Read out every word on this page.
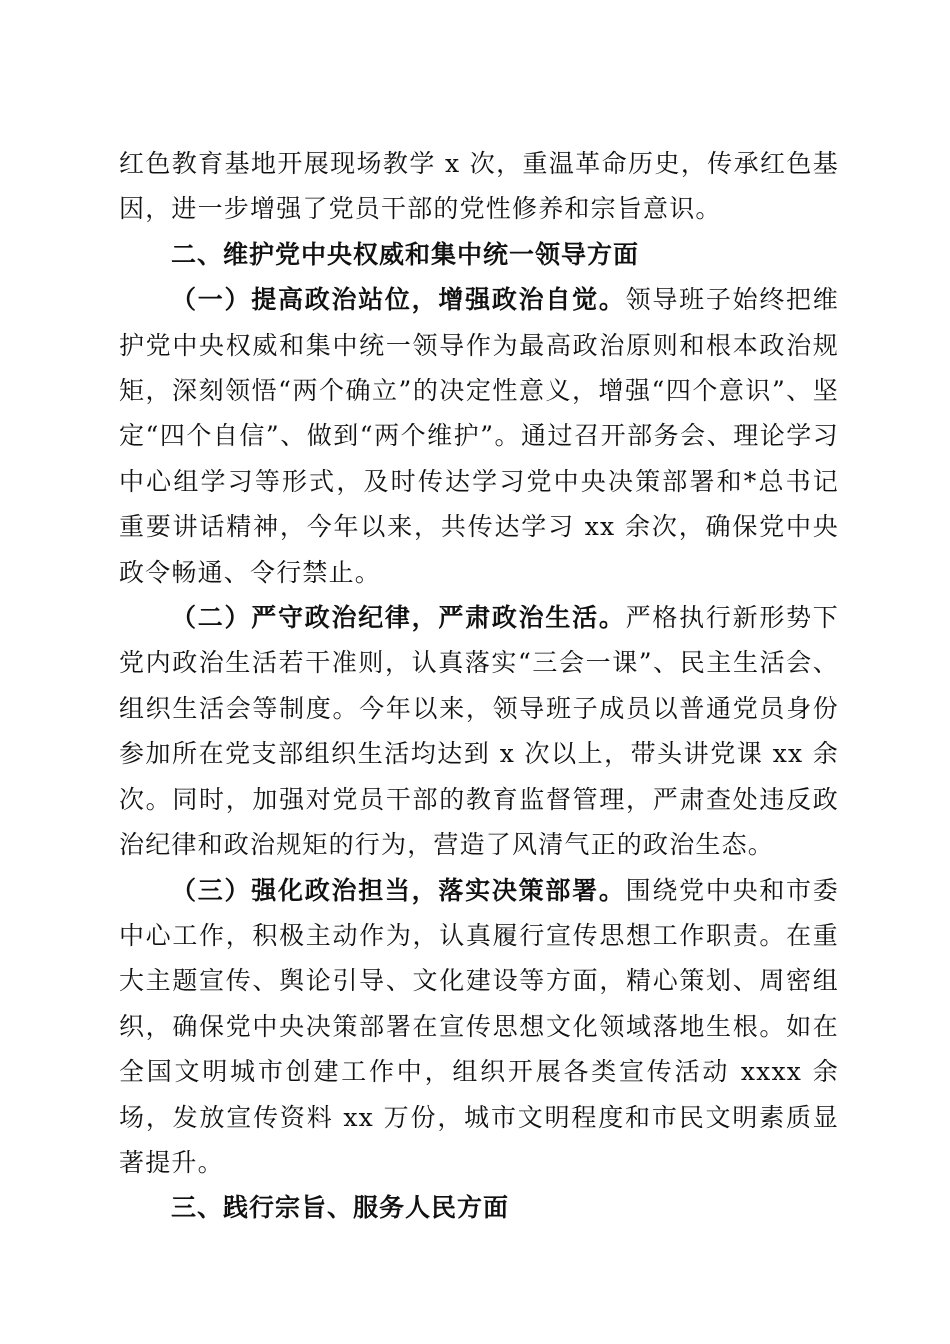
红色教育基地开展现场教学 x 次，重温革命历史，传承红色基因，进一步增强了党员干部的党性修养和宗旨意识。

二、维护党中央权威和集中统一领导方面

（一）提高政治站位，增强政治自觉。领导班子始终把维护党中央权威和集中统一领导作为最高政治原则和根本政治规矩，深刻领悟“两个确立”的决定性意义，增强“四个意识”、坚定“四个自信”、做到“两个维护”。通过召开部务会、理论学习中心组学习等形式，及时传达学习党中央决策部署和*总书记重要讲话精神，今年以来，共传达学习 xx 余次，确保党中央政令畅通、令行禁止。

（二）严守政治纪律，严肃政治生活。严格执行新形势下党内政治生活若干准则，认真落实“三会一课”、民主生活会、组织生活会等制度。今年以来，领导班子成员以普通党员身份参加所在党支部组织生活均达到 x 次以上，带头讲党课 xx 余次。同时，加强对党员干部的教育监督管理，严肃查处违反政治纪律和政治规矩的行为，营造了风清气正的政治生态。

（三）强化政治担当，落实决策部署。围绕党中央和市委中心工作，积极主动作为，认真履行宣传思想工作职责。在重大主题宣传、舆论引导、文化建设等方面，精心策划、周密组织，确保党中央决策部署在宣传思想文化领域落地生根。如在全国文明城市创建工作中，组织开展各类宣传活动 xxxx 余场，发放宣传资料 xx 万份，城市文明程度和市民文明素质显著提升。

三、践行宗旨、服务人民方面
